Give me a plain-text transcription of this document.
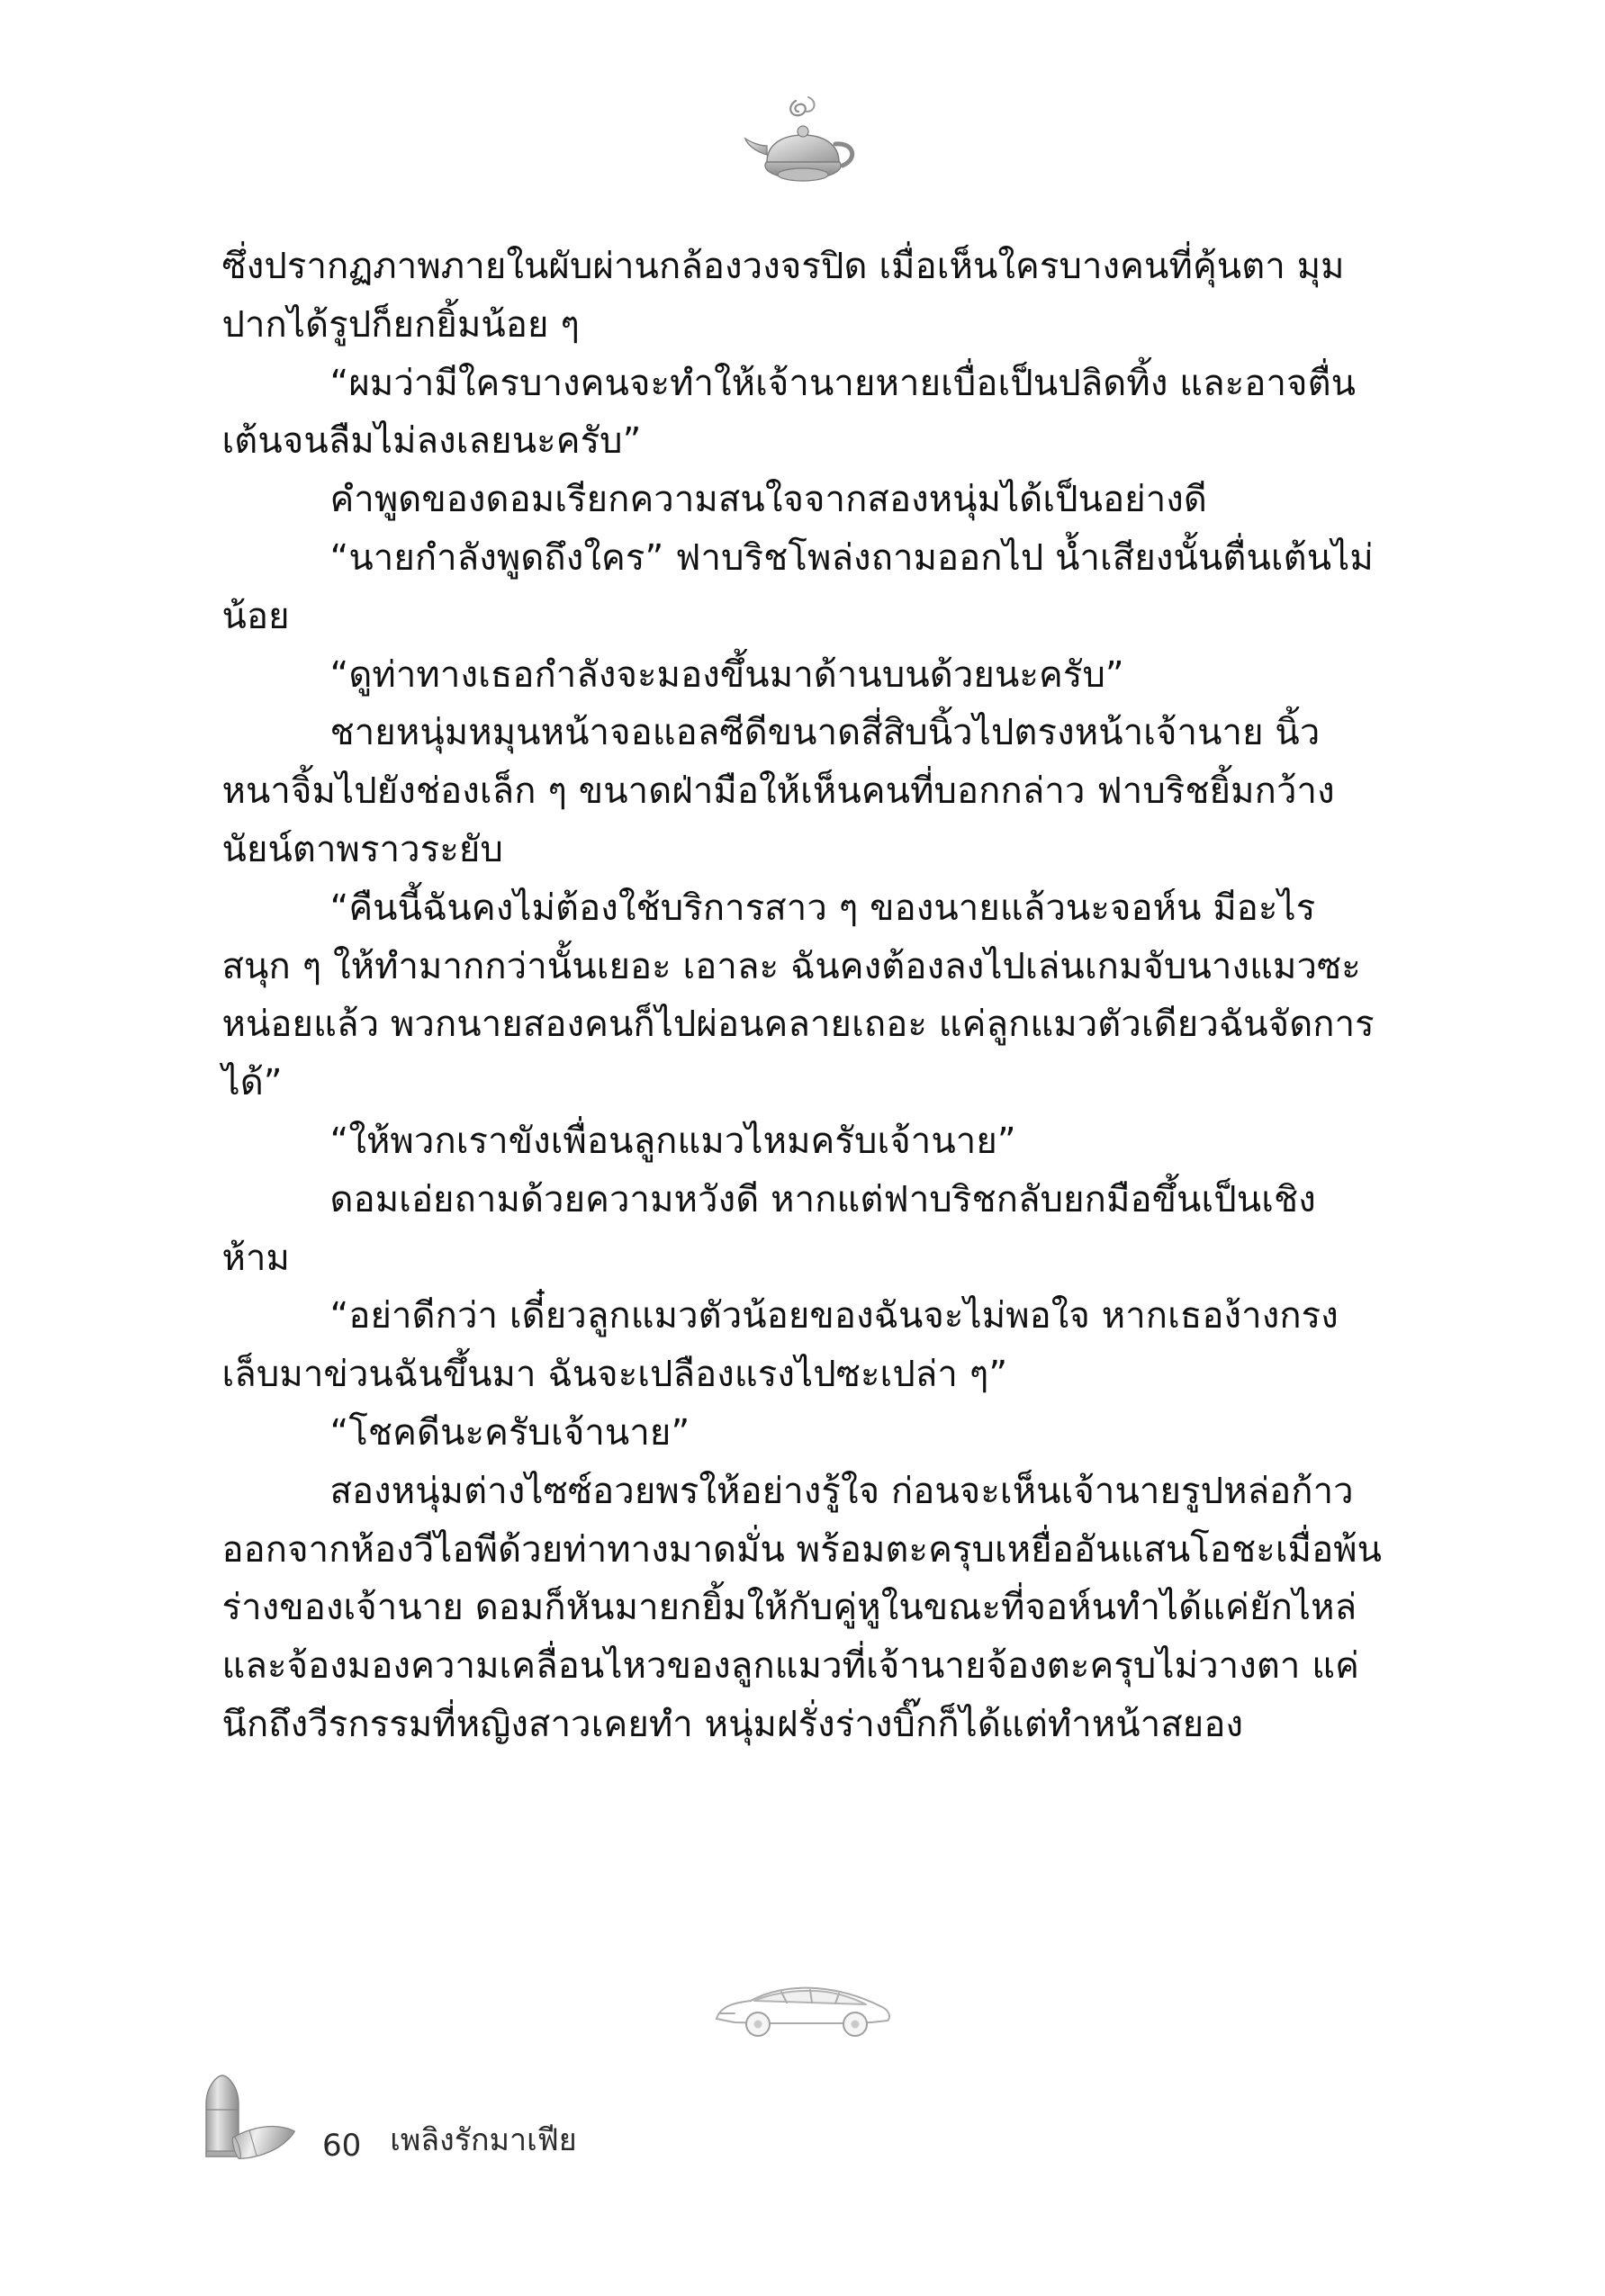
ซึ่งปรากฏภาพภายในผับผ่านกล้องวงจรปิด เมื่อเห็นใครบางคนที่คุ้นตา มุมปากได้รูปก็ยกยิ้มน้อย ๆ

“ผมว่ามีใครบางคนจะทำให้เจ้านายหายเบื่อเป็นปลิดทิ้ง และอาจตื่นเต้นจนลืมไม่ลงเลยนะครับ”

คำพูดของดอมเรียกความสนใจจากสองหนุ่มได้เป็นอย่างดี

“นายกำลังพูดถึงใคร” ฟาบริชโพล่งถามออกไป น้ำเสียงนั้นตื่นเต้นไม่น้อย

“ดูท่าทางเธอกำลังจะมองขึ้นมาด้านบนด้วยนะครับ”

ชายหนุ่มหมุนหน้าจอแอลซีดีขนาดสี่สิบนิ้วไปตรงหน้าเจ้านาย นิ้วหนาจิ้มไปยังช่องเล็ก ๆ ขนาดฝ่ามือให้เห็นคนที่บอกกล่าว ฟาบริชยิ้มกว้าง นัยน์ตาพราวระยับ

“คืนนี้ฉันคงไม่ต้องใช้บริการสาว ๆ ของนายแล้วนะจอห์น มีอะไรสนุก ๆ ให้ทำมากกว่านั้นเยอะ เอาละ ฉันคงต้องลงไปเล่นเกมจับนางแมวซะหน่อยแล้ว พวกนายสองคนก็ไปผ่อนคลายเถอะ แค่ลูกแมวตัวเดียวฉันจัดการได้”

“ให้พวกเราขังเพื่อนลูกแมวไหมครับเจ้านาย”

ดอมเอ่ยถามด้วยความหวังดี หากแต่ฟาบริชกลับยกมือขึ้นเป็นเชิงห้าม

“อย่าดีกว่า เดี๋ยวลูกแมวตัวน้อยของฉันจะไม่พอใจ หากเธอง้างกรงเล็บมาข่วนฉันขึ้นมา ฉันจะเปลืองแรงไปซะเปล่า ๆ”

“โชคดีนะครับเจ้านาย”

สองหนุ่มต่างไซซ์อวยพรให้อย่างรู้ใจ ก่อนจะเห็นเจ้านายรูปหล่อก้าวออกจากห้องวีไอพีด้วยท่าทางมาดมั่น พร้อมตะครุบเหยื่ออันแสนโอชะเมื่อพ้นร่างของเจ้านาย ดอมก็หันมายกยิ้มให้กับคู่หูในขณะที่จอห์นทำได้แค่ยักไหล่และจ้องมองความเคลื่อนไหวของลูกแมวที่เจ้านายจ้องตะครุบไม่วางตา แค่นึกถึงวีรกรรมที่หญิงสาวเคยทำ หนุ่มฝรั่งร่างบิ๊กก็ได้แต่ทำหน้าสยอง

60 เพลิงรักมาเฟีย
